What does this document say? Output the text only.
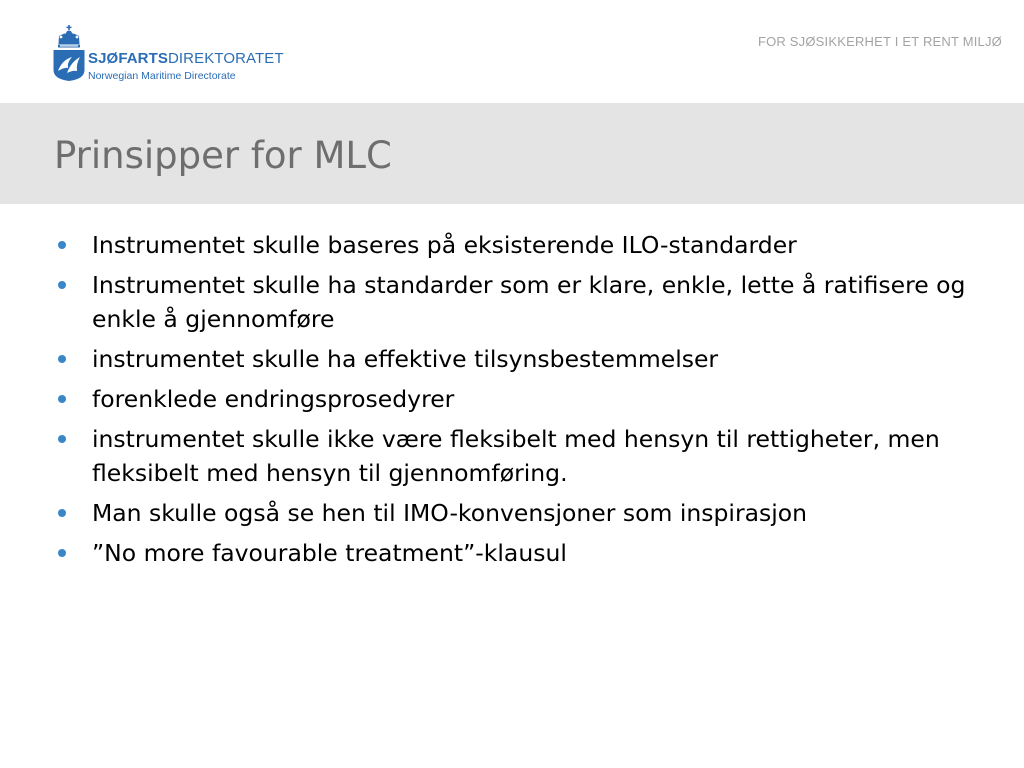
SJØFARTSDIREKTORATET
Norwegian Maritime Directorate
FOR SJØSIKKERHET I ET RENT MILJØ
Prinsipper for MLC
Instrumentet skulle baseres på eksisterende ILO-standarder
Instrumentet skulle ha standarder som er klare, enkle, lette å ratifisere og enkle å gjennomføre
instrumentet skulle ha effektive tilsynsbestemmelser
forenklede endringsprosedyrer
instrumentet skulle ikke være fleksibelt med hensyn til rettigheter, men fleksibelt med hensyn til gjennomføring.
Man skulle også se hen til IMO-konvensjoner som inspirasjon
”No more favourable treatment”-klausul
